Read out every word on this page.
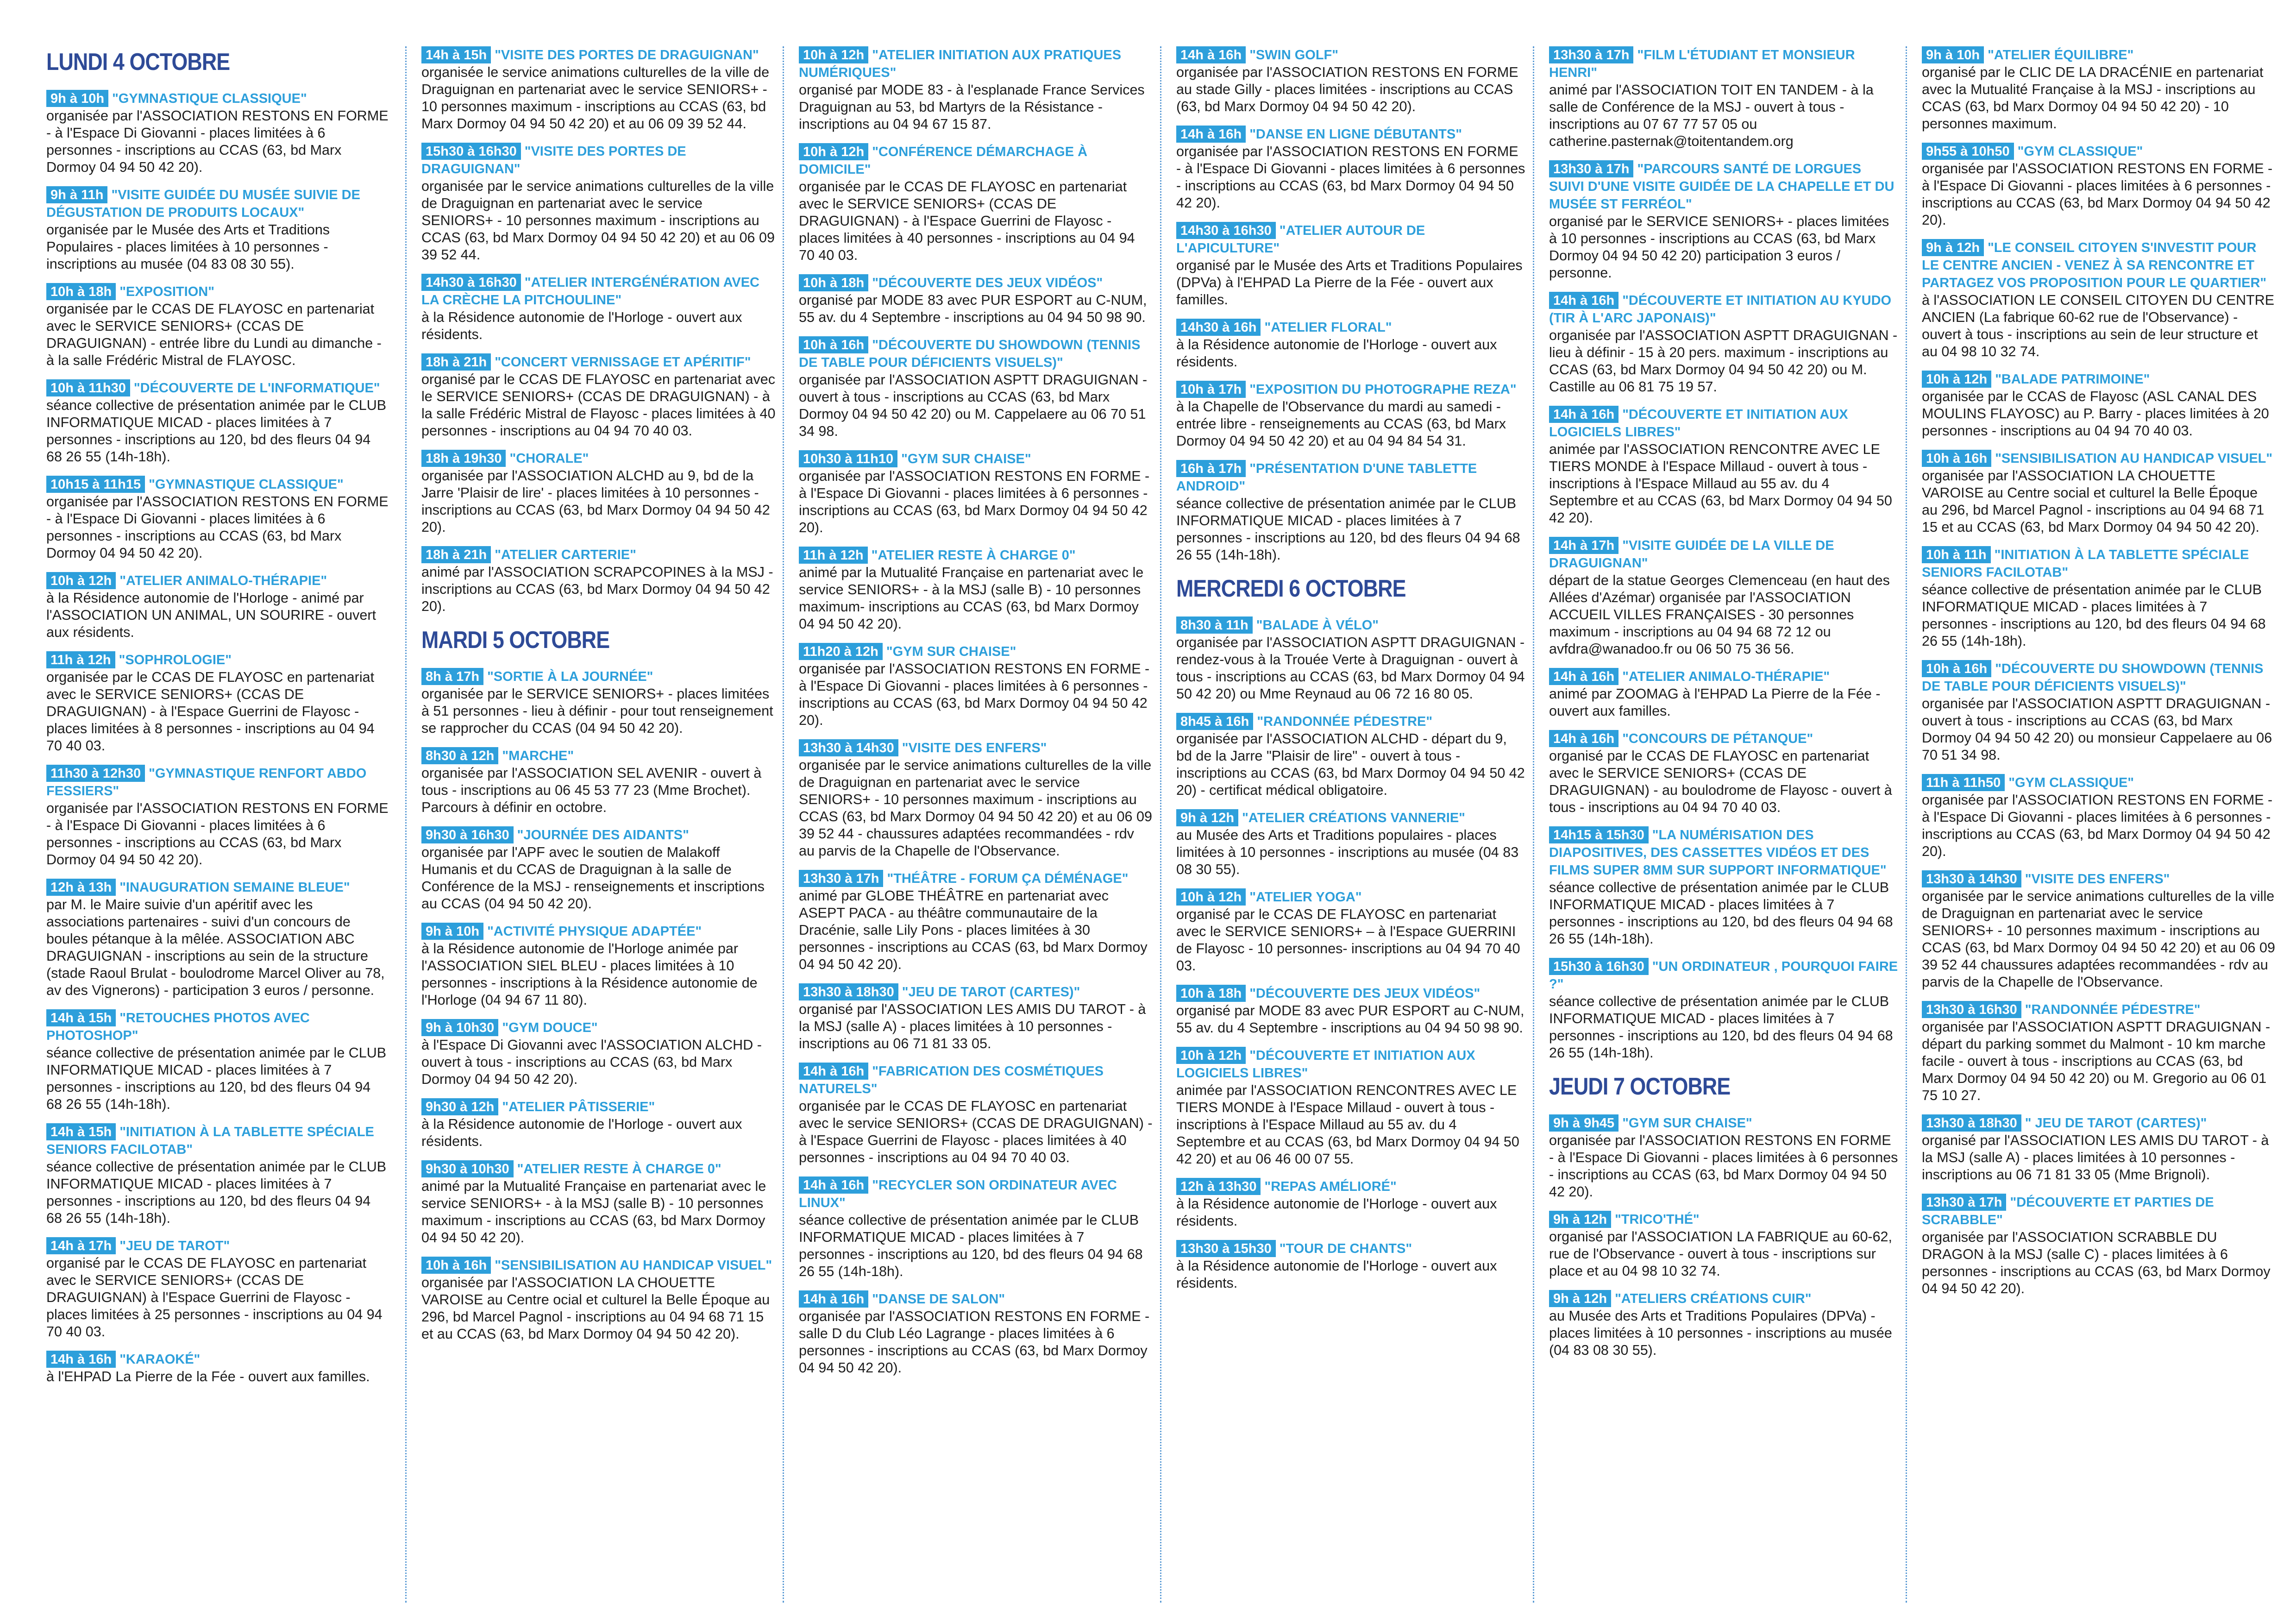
LUNDI 4 OCTOBRE
9h à 10h "GYMNASTIQUE CLASSIQUE"
organisée par l'ASSOCIATION RESTONS EN FORME - à l'Espace Di Giovanni - places limitées à 6 personnes - inscriptions au CCAS (63, bd Marx Dormoy 04 94 50 42 20).
9h à 11h "VISITE GUIDÉE DU MUSÉE SUIVIE DE DÉGUSTATION DE PRODUITS LOCAUX"
organisée par le Musée des Arts et Traditions Populaires - places limitées à 10 personnes - inscriptions au musée (04 83 08 30 55).
10h à 18h "EXPOSITION"
organisée par le CCAS DE FLAYOSC en partenariat avec le SERVICE SENIORS+ (CCAS DE DRAGUIGNAN) - entrée libre du Lundi au dimanche - à la salle Frédéric Mistral de FLAYOSC.
10h à 11h30 "DÉCOUVERTE DE L'INFORMATIQUE"
séance collective de présentation animée par le CLUB INFORMATIQUE MICAD - places limitées à 7 personnes - inscriptions au 120, bd des fleurs 04 94 68 26 55 (14h-18h).
10h15 à 11h15 "GYMNASTIQUE CLASSIQUE"
organisée par l'ASSOCIATION RESTONS EN FORME - à l'Espace Di Giovanni - places limitées à 6 personnes - inscriptions au CCAS (63, bd Marx Dormoy 04 94 50 42 20).
10h à 12h "ATELIER ANIMALO-THÉRAPIE"
à la Résidence autonomie de l'Horloge - animé par l'ASSOCIATION UN ANIMAL, UN SOURIRE - ouvert aux résidents.
11h à 12h "SOPHROLOGIE"
organisée par le CCAS DE FLAYOSC en partenariat avec le SERVICE SENIORS+ (CCAS DE DRAGUIGNAN) - à l'Espace Guerrini de Flayosc - places limitées à 8 personnes - inscriptions au 04 94 70 40 03.
11h30 à 12h30 "GYMNASTIQUE RENFORT ABDO FESSIERS"
organisée par l'ASSOCIATION RESTONS EN FORME - à l'Espace Di Giovanni - places limitées à 6 personnes - inscriptions au CCAS (63, bd Marx Dormoy 04 94 50 42 20).
12h à 13h "INAUGURATION SEMAINE BLEUE"
par M. le Maire suivie d'un apéritif avec les associations partenaires - suivi d'un concours de boules pétanque à la mêlée. ASSOCIATION ABC DRAGUIGNAN - inscriptions au sein de la structure (stade Raoul Brulat - boulodrome Marcel Oliver au 78, av des Vignerons) - participation 3 euros / personne.
14h à 15h "RETOUCHES PHOTOS AVEC PHOTOSHOP"
séance collective de présentation animée par le CLUB INFORMATIQUE MICAD - places limitées à 7 personnes - inscriptions au 120, bd des fleurs 04 94 68 26 55 (14h-18h).
14h à 15h "INITIATION À LA TABLETTE SPÉCIALE SENIORS FACILOTAB"
séance collective de présentation animée par le CLUB INFORMATIQUE MICAD - places limitées à 7 personnes - inscriptions au 120, bd des fleurs 04 94 68 26 55 (14h-18h).
14h à 17h "JEU DE TAROT"
organisé par le CCAS DE FLAYOSC en partenariat avec le SERVICE SENIORS+ (CCAS DE DRAGUIGNAN) à l'Espace Guerrini de Flayosc - places limitées à 25 personnes - inscriptions au 04 94 70 40 03.
14h à 16h "KARAOKÉ"
à l'EHPAD La Pierre de la Fée - ouvert aux familles.
14h à 15h "VISITE DES PORTES DE DRAGUIGNAN"
organisée le service animations culturelles de la ville de Draguignan en partenariat avec le service SENIORS+ - 10 personnes maximum - inscriptions au CCAS (63, bd Marx Dormoy 04 94 50 42 20) et au 06 09 39 52 44.
15h30 à 16h30 "VISITE DES PORTES DE DRAGUIGNAN"
organisée par le service animations culturelles de la ville de Draguignan en partenariat avec le service SENIORS+ - 10 personnes maximum - inscriptions au CCAS (63, bd Marx Dormoy 04 94 50 42 20) et au 06 09 39 52 44.
14h30 à 16h30 "ATELIER INTERGÉNÉRATION AVEC LA CRÈCHE LA PITCHOULINE"
à la Résidence autonomie de l'Horloge - ouvert aux résidents.
18h à 21h "CONCERT VERNISSAGE ET APÉRITIF"
organisé par le CCAS DE FLAYOSC en partenariat avec le SERVICE SENIORS+ (CCAS DE DRAGUIGNAN) - à la salle Frédéric Mistral de Flayosc - places limitées à 40 personnes - inscriptions au 04 94 70 40 03.
18h à 19h30 "CHORALE"
organisée par l'ASSOCIATION ALCHD au 9, bd de la Jarre 'Plaisir de lire' - places limitées à 10 personnes - inscriptions au CCAS (63, bd Marx Dormoy 04 94 50 42 20).
18h à 21h "ATELIER CARTERIE"
animé par l'ASSOCIATION SCRAPCOPINES à la MSJ - inscriptions au CCAS (63, bd Marx Dormoy 04 94 50 42 20).
MARDI 5 OCTOBRE
8h à 17h "SORTIE À LA JOURNÉE"
organisée par le SERVICE SENIORS+ - places limitées à 51 personnes - lieu à définir - pour tout renseignement se rapprocher du CCAS (04 94 50 42 20).
8h30 à 12h "MARCHE"
organisée par l'ASSOCIATION SEL AVENIR - ouvert à tous - inscriptions au 06 45 53 77 23 (Mme Brochet). Parcours à définir en octobre.
9h30 à 16h30 "JOURNÉE DES AIDANTS"
organisée par l'APF avec le soutien de Malakoff Humanis et du CCAS de Draguignan à la salle de Conférence de la MSJ - renseignements et inscriptions au CCAS (04 94 50 42 20).
9h à 10h "ACTIVITÉ PHYSIQUE ADAPTÉE"
à la Résidence autonomie de l'Horloge animée par l'ASSOCIATION SIEL BLEU - places limitées à 10 personnes - inscriptions à la Résidence autonomie de l'Horloge (04 94 67 11 80).
9h à 10h30 "GYM DOUCE"
à l'Espace Di Giovanni avec l'ASSOCIATION ALCHD - ouvert à tous - inscriptions au CCAS (63, bd Marx Dormoy 04 94 50 42 20).
9h30 à 12h "ATELIER PÂTISSERIE"
à la Résidence autonomie de l'Horloge - ouvert aux résidents.
9h30 à 10h30 "ATELIER RESTE À CHARGE 0"
animé par la Mutualité Française en partenariat avec le service SENIORS+ - à la MSJ (salle B) - 10 personnes maximum - inscriptions au CCAS (63, bd Marx Dormoy 04 94 50 42 20).
10h à 16h "SENSIBILISATION AU HANDICAP VISUEL"
organisée par l'ASSOCIATION LA CHOUETTE VAROISE au Centre ocial et culturel la Belle Époque au 296, bd Marcel Pagnol - inscriptions au 04 94 68 71 15 et au CCAS (63, bd Marx Dormoy 04 94 50 42 20).
10h à 12h "ATELIER INITIATION AUX PRATIQUES NUMÉRIQUES"
organisé par MODE 83 - à l'esplanade France Services Draguignan au 53, bd Martyrs de la Résistance - inscriptions au 04 94 67 15 87.
10h à 12h "CONFÉRENCE DÉMARCHAGE À DOMICILE"
organisée par le CCAS DE FLAYOSC en partenariat avec le SERVICE SENIORS+ (CCAS DE DRAGUIGNAN) - à l'Espace Guerrini de Flayosc - places limitées à 40 personnes - inscriptions au 04 94 70 40 03.
10h à 18h "DÉCOUVERTE DES JEUX VIDÉOS"
organisé par MODE 83 avec PUR ESPORT au C-NUM, 55 av. du 4 Septembre - inscriptions au 04 94 50 98 90.
10h à 16h "DÉCOUVERTE DU SHOWDOWN (TENNIS DE TABLE POUR DÉFICIENTS VISUELS)"
organisée par l'ASSOCIATION ASPTT DRAGUIGNAN - ouvert à tous - inscriptions au CCAS (63, bd Marx Dormoy 04 94 50 42 20) ou M. Cappelaere au 06 70 51 34 98.
10h30 à 11h10 "GYM SUR CHAISE"
organisée par l'ASSOCIATION RESTONS EN FORME - à l'Espace Di Giovanni - places limitées à 6 personnes - inscriptions au CCAS (63, bd Marx Dormoy 04 94 50 42 20).
11h à 12h "ATELIER RESTE À CHARGE 0"
animé par la Mutualité Française en partenariat avec le service SENIORS+ - à la MSJ (salle B) - 10 personnes maximum- inscriptions au CCAS (63, bd Marx Dormoy 04 94 50 42 20).
11h20 à 12h "GYM SUR CHAISE"
organisée par l'ASSOCIATION RESTONS EN FORME - à l'Espace Di Giovanni - places limitées à 6 personnes - inscriptions au CCAS (63, bd Marx Dormoy 04 94 50 42 20).
13h30 à 14h30 "VISITE DES ENFERS"
organisée par le service animations culturelles de la ville de Draguignan en partenariat avec le service SENIORS+ - 10 personnes maximum - inscriptions au CCAS (63, bd Marx Dormoy 04 94 50 42 20) et au 06 09 39 52 44 - chaussures adaptées recommandées - rdv au parvis de la Chapelle de l'Observance.
13h30 à 17h "THÉÂTRE - FORUM ÇA DÉMÉNAGE"
animé par GLOBE THÉÂTRE en partenariat avec ASEPT PACA - au théâtre communautaire de la Dracénie, salle Lily Pons - places limitées à 30 personnes - inscriptions au CCAS (63, bd Marx Dormoy 04 94 50 42 20).
13h30 à 18h30 "JEU DE TAROT (CARTES)"
organisé par l'ASSOCIATION LES AMIS DU TAROT - à la MSJ (salle A) - places limitées à 10 personnes - inscriptions au 06 71 81 33 05.
14h à 16h "FABRICATION DES COSMÉTIQUES NATURELS"
organisée par le CCAS DE FLAYOSC en partenariat avec le service SENIORS+ (CCAS DE DRAGUIGNAN) - à l'Espace Guerrini de Flayosc - places limitées à 40 personnes - inscriptions au 04 94 70 40 03.
14h à 16h "RECYCLER SON ORDINATEUR AVEC LINUX"
séance collective de présentation animée par le CLUB INFORMATIQUE MICAD - places limitées à 7 personnes - inscriptions au 120, bd des fleurs 04 94 68 26 55 (14h-18h).
14h à 16h "DANSE DE SALON"
organisée par l'ASSOCIATION RESTONS EN FORME - salle D du Club Léo Lagrange - places limitées à 6 personnes - inscriptions au CCAS (63, bd Marx Dormoy 04 94 50 42 20).
14h à 16h "SWIN GOLF"
organisée par l'ASSOCIATION RESTONS EN FORME au stade Gilly - places limitées - inscriptions au CCAS (63, bd Marx Dormoy 04 94 50 42 20).
14h à 16h "DANSE EN LIGNE DÉBUTANTS"
organisée par l'ASSOCIATION RESTONS EN FORME - à l'Espace Di Giovanni - places limitées à 6 personnes - inscriptions au CCAS (63, bd Marx Dormoy 04 94 50 42 20).
14h30 à 16h30 "ATELIER AUTOUR DE L'APICULTURE"
organisé par le Musée des Arts et Traditions Populaires (DPVa) à l'EHPAD La Pierre de la Fée - ouvert aux familles.
14h30 à 16h "ATELIER FLORAL"
à la Résidence autonomie de l'Horloge - ouvert aux résidents.
10h à 17h "EXPOSITION DU PHOTOGRAPHE REZA"
à la Chapelle de l'Observance du mardi au samedi - entrée libre - renseignements au CCAS (63, bd Marx Dormoy 04 94 50 42 20) et au 04 94 84 54 31.
16h à 17h "PRÉSENTATION D'UNE TABLETTE ANDROID"
séance collective de présentation animée par le CLUB INFORMATIQUE MICAD - places limitées à 7 personnes - inscriptions au 120, bd des fleurs 04 94 68 26 55 (14h-18h).
MERCREDI 6 OCTOBRE
8h30 à 11h "BALADE À VÉLO"
organisée par l'ASSOCIATION ASPTT DRAGUIGNAN - rendez-vous à la Trouée Verte à Draguignan - ouvert à tous - inscriptions au CCAS (63, bd Marx Dormoy 04 94 50 42 20) ou Mme Reynaud au 06 72 16 80 05.
8h45 à 16h "RANDONNÉE PÉDESTRE"
organisée par l'ASSOCIATION ALCHD - départ du 9, bd de la Jarre "Plaisir de lire" - ouvert à tous - inscriptions au CCAS (63, bd Marx Dormoy 04 94 50 42 20) - certificat médical obligatoire.
9h à 12h "ATELIER CRÉATIONS VANNERIE"
au Musée des Arts et Traditions populaires - places limitées à 10 personnes - inscriptions au musée (04 83 08 30 55).
10h à 12h "ATELIER YOGA"
organisé par le CCAS DE FLAYOSC en partenariat avec le SERVICE SENIORS+ – à l'Espace GUERRINI de Flayosc - 10 personnes- inscriptions au 04 94 70 40 03.
10h à 18h "DÉCOUVERTE DES JEUX VIDÉOS"
organisé par MODE 83 avec PUR ESPORT au C-NUM, 55 av. du 4 Septembre - inscriptions au 04 94 50 98 90.
10h à 12h "DÉCOUVERTE ET INITIATION AUX LOGICIELS LIBRES"
animée par l'ASSOCIATION RENCONTRES AVEC LE TIERS MONDE à l'Espace Millaud - ouvert à tous - inscriptions à l'Espace Millaud au 55 av. du 4 Septembre et au CCAS (63, bd Marx Dormoy 04 94 50 42 20) et au 06 46 00 07 55.
12h à 13h30 "REPAS AMÉLIORÉ"
à la Résidence autonomie de l'Horloge - ouvert aux résidents.
13h30 à 15h30 "TOUR DE CHANTS"
à la Résidence autonomie de l'Horloge - ouvert aux résidents.
13h30 à 17h "FILM L'ÉTUDIANT ET MONSIEUR HENRI"
animé par l'ASSOCIATION TOIT EN TANDEM - à la salle de Conférence de la MSJ - ouvert à tous - inscriptions au 07 67 77 57 05 ou catherine.pasternak@toitentandem.org
13h30 à 17h "PARCOURS SANTÉ DE LORGUES SUIVI D'UNE VISITE GUIDÉE DE LA CHAPELLE ET DU MUSÉE ST FERRÉOL"
organisé par le SERVICE SENIORS+ - places limitées à 10 personnes - inscriptions au CCAS (63, bd Marx Dormoy 04 94 50 42 20) participation 3 euros / personne.
14h à 16h "DÉCOUVERTE ET INITIATION AU KYUDO (TIR À L'ARC JAPONAIS)"
organisée par l'ASSOCIATION ASPTT DRAGUIGNAN - lieu à définir - 15 à 20 pers. maximum - inscriptions au CCAS (63, bd Marx Dormoy 04 94 50 42 20) ou M. Castille au 06 81 75 19 57.
14h à 16h "DÉCOUVERTE ET INITIATION AUX LOGICIELS LIBRES"
animée par l'ASSOCIATION RENCONTRE AVEC LE TIERS MONDE à l'Espace Millaud - ouvert à tous - inscriptions à l'Espace Millaud au 55 av. du 4 Septembre et au CCAS (63, bd Marx Dormoy 04 94 50 42 20).
14h à 17h "VISITE GUIDÉE DE LA VILLE DE DRAGUIGNAN"
départ de la statue Georges Clemenceau (en haut des Allées d'Azémar) organisée par l'ASSOCIATION ACCUEIL VILLES FRANÇAISES - 30 personnes maximum - inscriptions au 04 94 68 72 12 ou avfdra@wanadoo.fr ou 06 50 75 36 56.
14h à 16h "ATELIER ANIMALO-THÉRAPIE"
animé par ZOOMAG à l'EHPAD La Pierre de la Fée - ouvert aux familles.
14h à 16h "CONCOURS DE PÉTANQUE"
organisé par le CCAS DE FLAYOSC en partenariat avec le SERVICE SENIORS+ (CCAS DE DRAGUIGNAN) - au boulodrome de Flayosc - ouvert à tous - inscriptions au 04 94 70 40 03.
14h15 à 15h30 "LA NUMÉRISATION DES DIAPOSITIVES, DES CASSETTES VIDÉOS ET DES FILMS SUPER 8MM SUR SUPPORT INFORMATIQUE"
séance collective de présentation animée par le CLUB INFORMATIQUE MICAD - places limitées à 7 personnes - inscriptions au 120, bd des fleurs 04 94 68 26 55 (14h-18h).
15h30 à 16h30 "UN ORDINATEUR , POURQUOI FAIRE ?"
séance collective de présentation animée par le CLUB INFORMATIQUE MICAD - places limitées à 7 personnes - inscriptions au 120, bd des fleurs 04 94 68 26 55 (14h-18h).
JEUDI 7 OCTOBRE
9h à 9h45 "GYM SUR CHAISE"
organisée par l'ASSOCIATION RESTONS EN FORME - à l'Espace Di Giovanni - places limitées à 6 personnes - inscriptions au CCAS (63, bd Marx Dormoy 04 94 50 42 20).
9h à 12h "TRICO'THÉ"
organisé par l'ASSOCIATION LA FABRIQUE au 60-62, rue de l'Observance - ouvert à tous - inscriptions sur place et au 04 98 10 32 74.
9h à 12h "ATELIERS CRÉATIONS CUIR"
au Musée des Arts et Traditions Populaires (DPVa) - places limitées à 10 personnes - inscriptions au musée (04 83 08 30 55).
9h à 10h "ATELIER ÉQUILIBRE"
organisé par le CLIC DE LA DRACÉNIE en partenariat avec la Mutualité Française à la MSJ - inscriptions au CCAS (63, bd Marx Dormoy 04 94 50 42 20) - 10 personnes maximum.
9h55 à 10h50 "GYM CLASSIQUE"
organisée par l'ASSOCIATION RESTONS EN FORME - à l'Espace Di Giovanni - places limitées à 6 personnes - inscriptions au CCAS (63, bd Marx Dormoy 04 94 50 42 20).
9h à 12h "LE CONSEIL CITOYEN S'INVESTIT POUR LE CENTRE ANCIEN - VENEZ À SA RENCONTRE ET PARTAGEZ VOS PROPOSITION POUR LE QUARTIER"
à l'ASSOCIATION LE CONSEIL CITOYEN DU CENTRE ANCIEN (La fabrique 60-62 rue de l'Observance) - ouvert à tous - inscriptions au sein de leur structure et au 04 98 10 32 74.
10h à 12h "BALADE PATRIMOINE"
organisée par le CCAS de Flayosc (ASL CANAL DES MOULINS FLAYOSC) au P. Barry - places limitées à 20 personnes - inscriptions au 04 94 70 40 03.
10h à 16h "SENSIBILISATION AU HANDICAP VISUEL"
organisée par l'ASSOCIATION LA CHOUETTE VAROISE au Centre social et culturel la Belle Époque au 296, bd Marcel Pagnol - inscriptions au 04 94 68 71 15 et au CCAS (63, bd Marx Dormoy 04 94 50 42 20).
10h à 11h "INITIATION À LA TABLETTE SPÉCIALE SENIORS FACILOTAB"
séance collective de présentation animée par le CLUB INFORMATIQUE MICAD - places limitées à 7 personnes - inscriptions au 120, bd des fleurs 04 94 68 26 55 (14h-18h).
10h à 16h "DÉCOUVERTE DU SHOWDOWN (TENNIS DE TABLE POUR DÉFICIENTS VISUELS)"
organisée par l'ASSOCIATION ASPTT DRAGUIGNAN - ouvert à tous - inscriptions au CCAS (63, bd Marx Dormoy 04 94 50 42 20) ou monsieur Cappelaere au 06 70 51 34 98.
11h à 11h50 "GYM CLASSIQUE"
organisée par l'ASSOCIATION RESTONS EN FORME - à l'Espace Di Giovanni - places limitées à 6 personnes - inscriptions au CCAS (63, bd Marx Dormoy 04 94 50 42 20).
13h30 à 14h30 "VISITE DES ENFERS"
organisée par le service animations culturelles de la ville de Draguignan en partenariat avec le service SENIORS+ - 10 personnes maximum - inscriptions au CCAS (63, bd Marx Dormoy 04 94 50 42 20) et au 06 09 39 52 44 chaussures adaptées recommandées - rdv au parvis de la Chapelle de l'Observance.
13h30 à 16h30 "RANDONNÉE PÉDESTRE"
organisée par l'ASSOCIATION ASPTT DRAGUIGNAN - départ du parking sommet du Malmont - 10 km marche facile - ouvert à tous - inscriptions au CCAS (63, bd Marx Dormoy 04 94 50 42 20) ou M. Gregorio au 06 01 75 10 27.
13h30 à 18h30 " JEU DE TAROT (CARTES)"
organisé par l'ASSOCIATION LES AMIS DU TAROT - à la MSJ (salle A) - places limitées à 10 personnes - inscriptions au 06 71 81 33 05 (Mme Brignoli).
13h30 à 17h "DÉCOUVERTE ET PARTIES DE SCRABBLE"
organisée par l'ASSOCIATION SCRABBLE DU DRAGON à la MSJ (salle C) - places limitées à 6 personnes - inscriptions au CCAS (63, bd Marx Dormoy 04 94 50 42 20).
